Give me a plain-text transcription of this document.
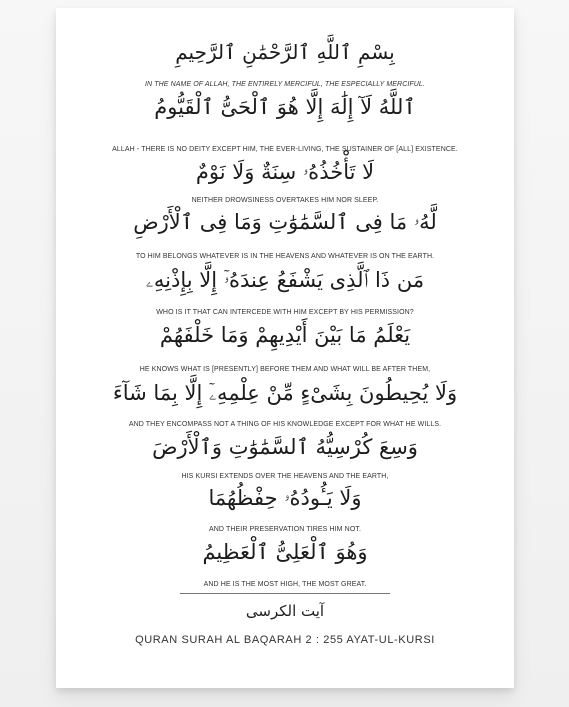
بِسْمِ ٱللَّهِ ٱلرَّحْمَٰنِ ٱلرَّحِيمِ
IN THE NAME OF ALLAH, THE ENTIRELY MERCIFUL, THE ESPECIALLY MERCIFUL.
ٱللَّهُ لَآ إِلَٰهَ إِلَّا هُوَ ٱلْحَىُّ ٱلْقَيُّومُ
ALLAH - THERE IS NO DEITY EXCEPT HIM, THE EVER-LIVING, THE SUSTAINER OF [ALL] EXISTENCE.
لَا تَأْخُذُهُۥ سِنَةٌ وَلَا نَوْمٌ
NEITHER DROWSINESS OVERTAKES HIM NOR SLEEP.
لَّهُۥ مَا فِى ٱلسَّمَٰوَٰتِ وَمَا فِى ٱلْأَرْضِ
TO HIM BELONGS WHATEVER IS IN THE HEAVENS AND WHATEVER IS ON THE EARTH.
مَن ذَا ٱلَّذِى يَشْفَعُ عِندَهُۥٓ إِلَّا بِإِذْنِهِۦ
WHO IS IT THAT CAN INTERCEDE WITH HIM EXCEPT BY HIS PERMISSION?
يَعْلَمُ مَا بَيْنَ أَيْدِيهِمْ وَمَا خَلْفَهُمْ
HE KNOWS WHAT IS [PRESENTLY] BEFORE THEM AND WHAT WILL BE AFTER THEM,
وَلَا يُحِيطُونَ بِشَىْءٍ مِّنْ عِلْمِهِۦٓ إِلَّا بِمَا شَآءَ
AND THEY ENCOMPASS NOT A THING OF HIS KNOWLEDGE EXCEPT FOR WHAT HE WILLS.
وَسِعَ كُرْسِيُّهُ ٱلسَّمَٰوَٰتِ وَٱلْأَرْضَ
HIS KURSI EXTENDS OVER THE HEAVENS AND THE EARTH,
وَلَا يَـُٔودُهُۥ حِفْظُهُمَا
AND THEIR PRESERVATION TIRES HIM NOT.
وَهُوَ ٱلْعَلِىُّ ٱلْعَظِيمُ
AND HE IS THE MOST HIGH, THE MOST GREAT.
آیت الکرسی
QURAN SURAH AL BAQARAH 2 : 255 AYAT-UL-KURSI
